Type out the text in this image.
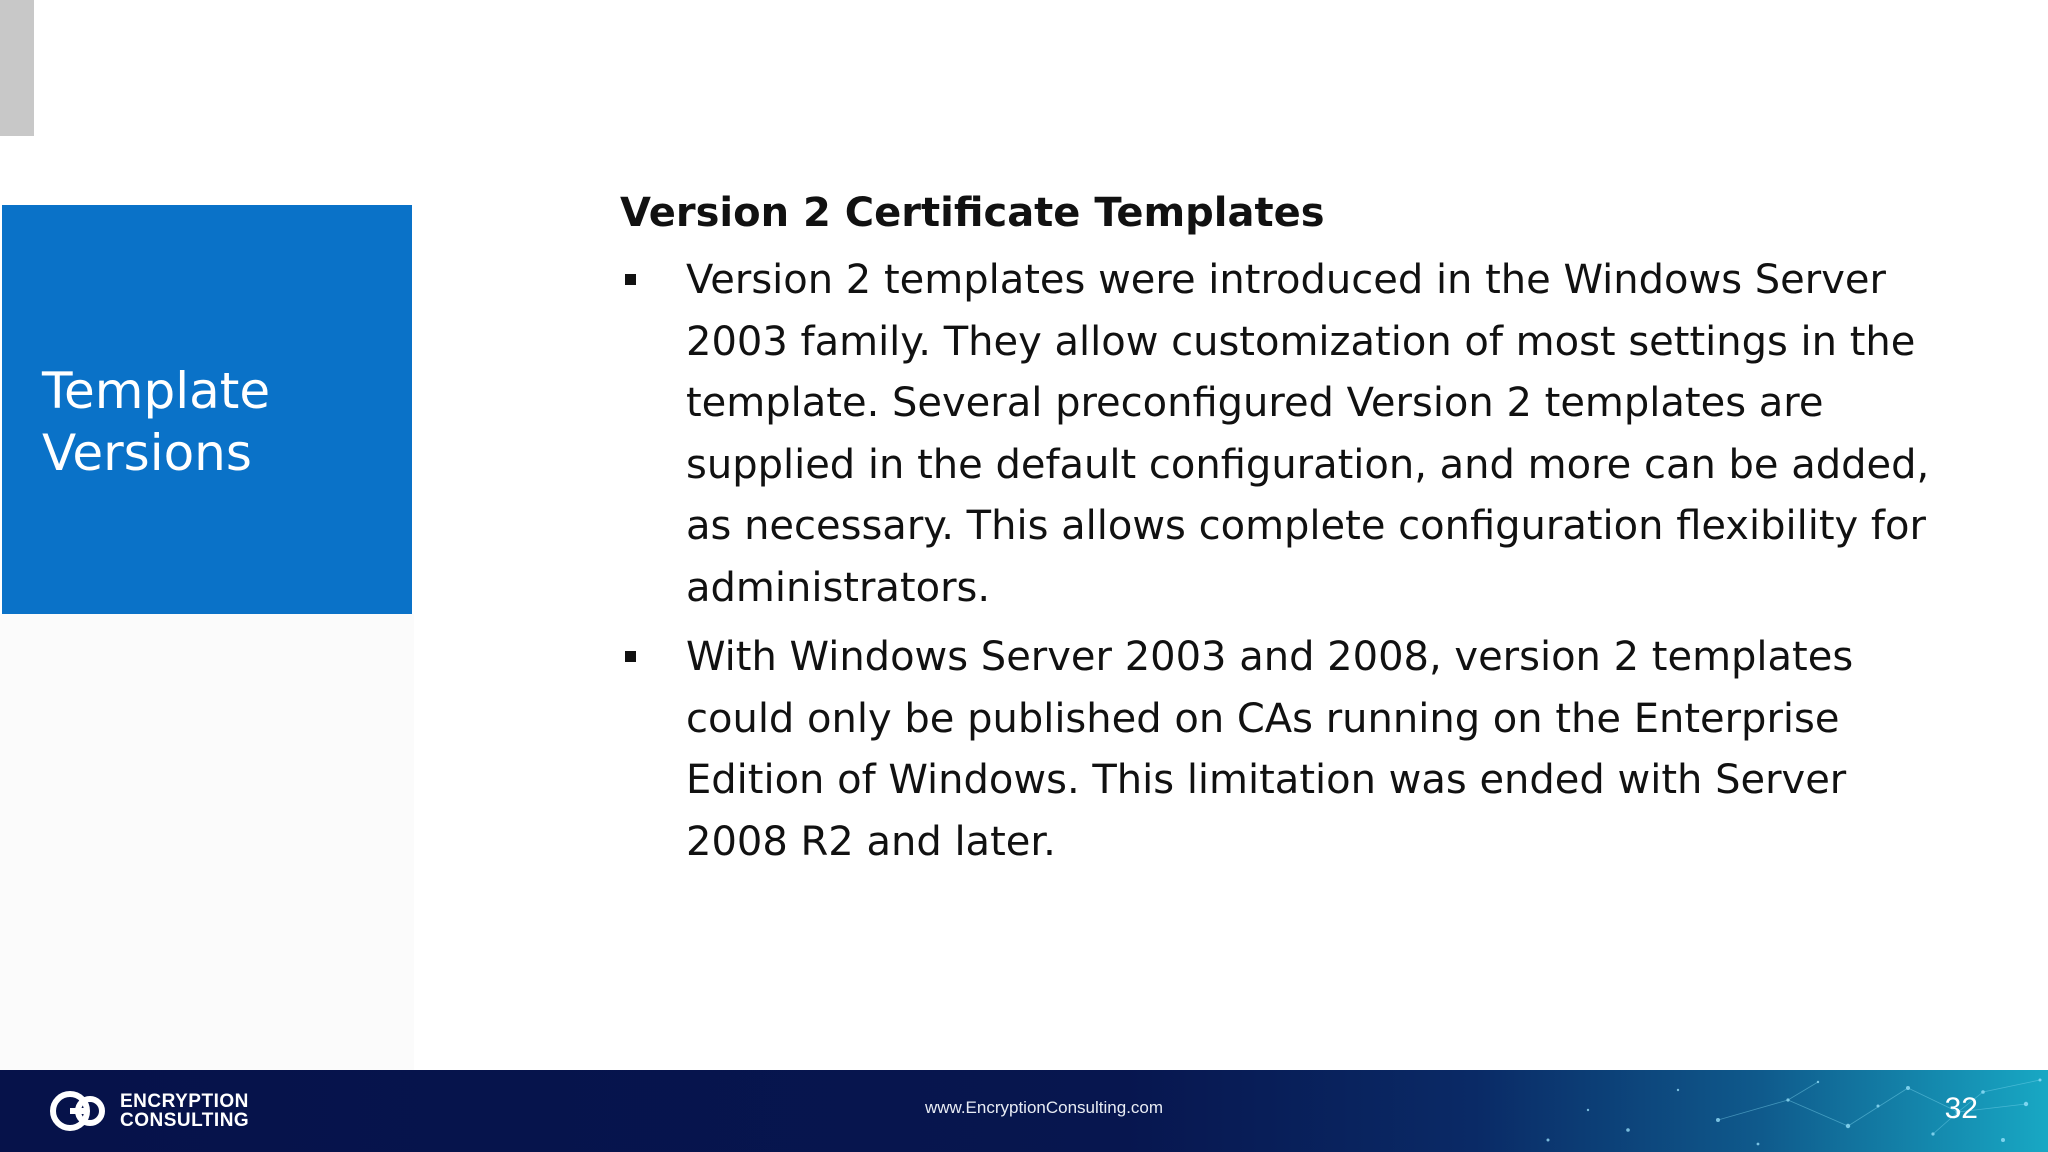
Template Versions
Version 2 Certificate Templates
Version 2 templates were introduced in the Windows Server 2003 family. They allow customization of most settings in the template. Several preconfigured Version 2 templates are supplied in the default configuration, and more can be added, as necessary. This allows complete configuration flexibility for administrators.
With Windows Server 2003 and 2008, version 2 templates could only be published on CAs running on the Enterprise Edition of Windows. This limitation was ended with Server 2008 R2 and later.
ENCRYPTION
CONSULTING
www.EncryptionConsulting.com	32
